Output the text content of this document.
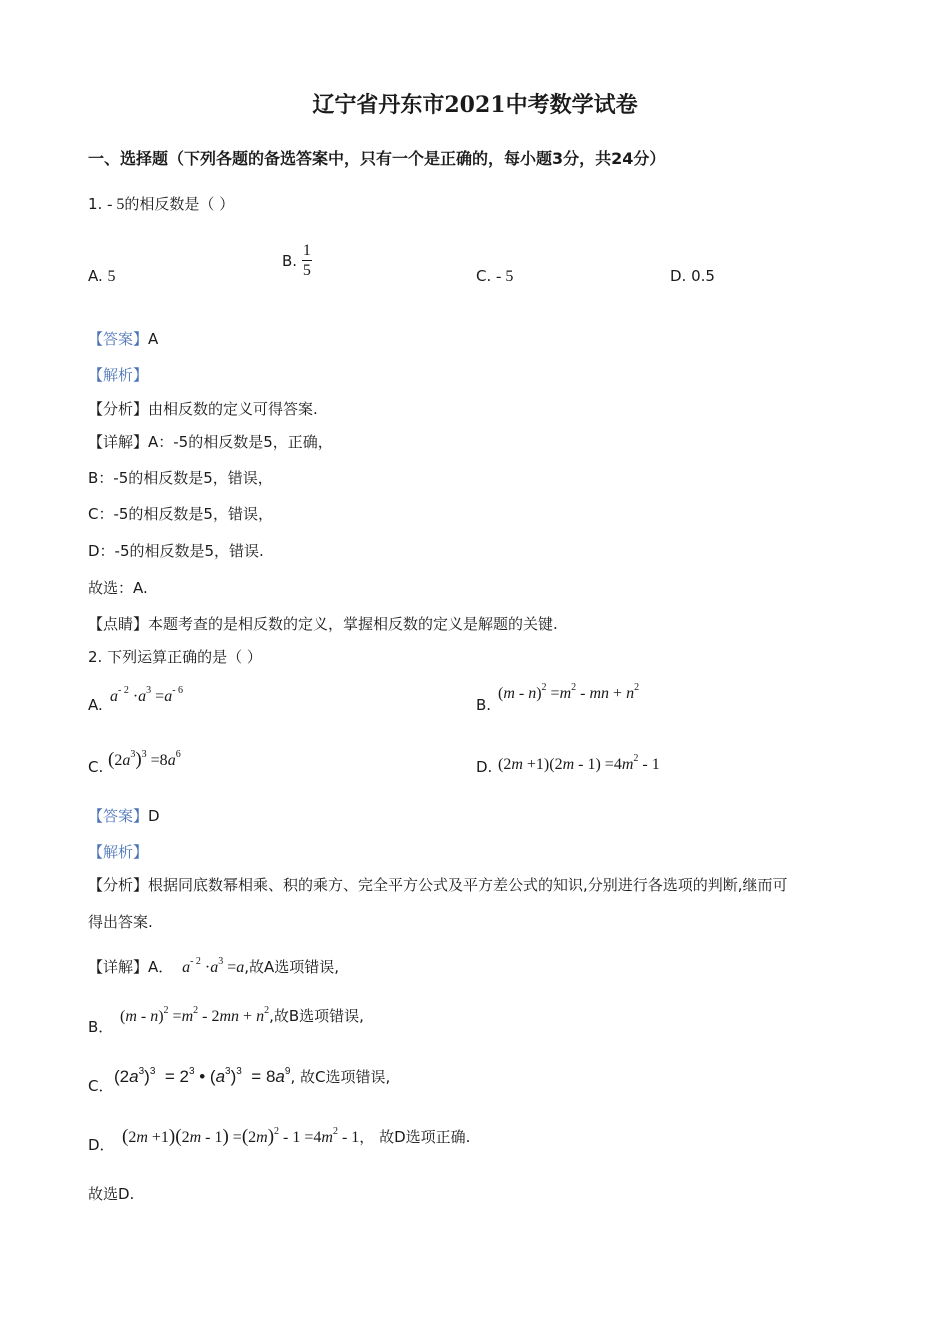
辽宁省丹东市2021中考数学试卷
一、选择题（下列各题的备选答案中，只有一个是正确的，每小题3分，共24分）
1. - 5的相反数是（ ）
A. 5
B. $\frac{1}{5}$	C. - 5	D. 0.5
【答案】A
【解析】
【分析】由相反数的定义可得答案.
【详解】A：-5的相反数是5，正确，
B：-5的相反数是5，错误，
C：-5的相反数是5，错误，
D：-5的相反数是5，错误.
故选：A.
【点睛】本题考查的是相反数的定义，掌握相反数的定义是解题的关键.
2. 下列运算正确的是（ ）
A. $a^{- 2} \cdot a^3 =a^{- 6}$
B.
$(m - n)^2 =m^2$ - mn + $n^2$
C. $(2a^3)^3 =8a^6$
D. $(2m +1)(2m - 1) =4m^2 - 1$
【答案】D
【解析】
【分析】根据同底数幂相乘、积的乘方、完全平方公式及平方差公式的知识,分别进行各选项的判断,继而可
得出答案.
【详解】A． $a^{- 2} \cdot a^3 =a$,故A选项错误,
B．
$(m - n)^2 =m^2 - 2mn + n^2$,故B选项错误,
C． $(2a^3)^3 = 2^3$ • $(a^3)^3 = 8a^9$, 故C选项错误,
D． $(2m +1)(2m - 1) =(2m)^2 - 1 =4m^2 - 1$， 故D选项正确.
故选D.
